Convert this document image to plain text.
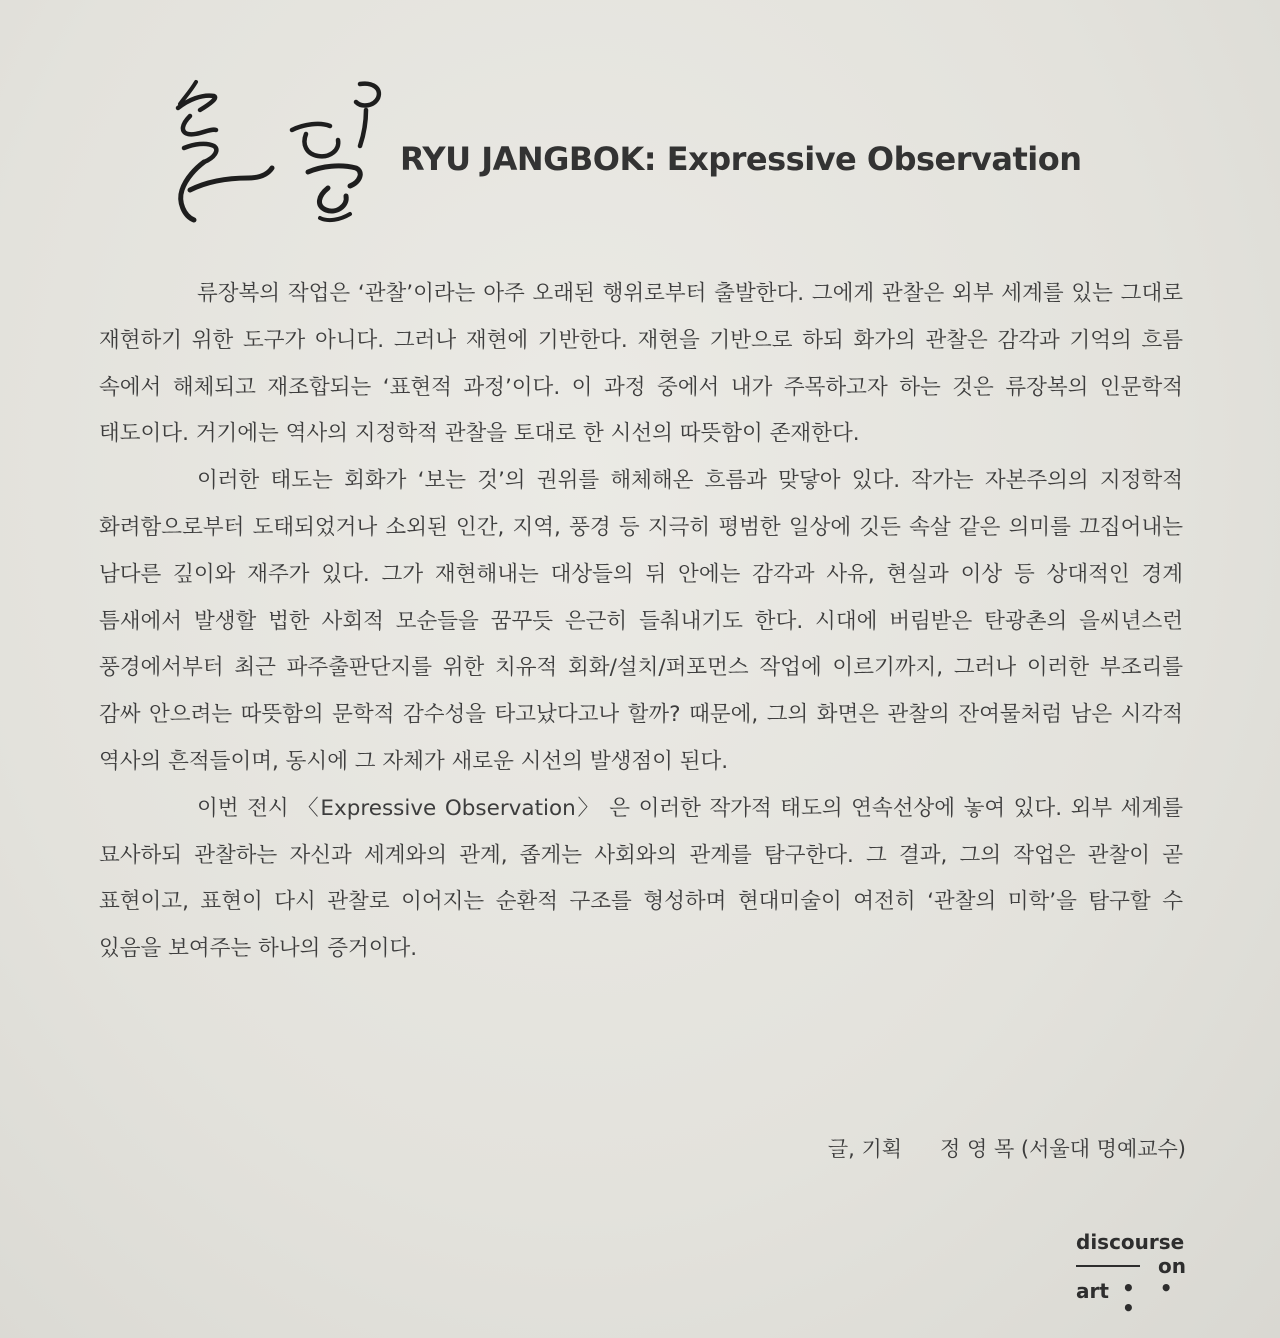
RYU JANGBOK: Expressive Observation

류장복의 작업은 ‘관찰’이라는 아주 오래된 행위로부터 출발한다. 그에게 관찰은 외부 세계를 있는 그대로 재현하기 위한 도구가 아니다. 그러나 재현에 기반한다. 재현을 기반으로 하되 화가의 관찰은 감각과 기억의 흐름 속에서 해체되고 재조합되는 ‘표현적 과정’이다. 이 과정 중에서 내가 주목하고자 하는 것은 류장복의 인문학적 태도이다. 거기에는 역사의 지정학적 관찰을 토대로 한 시선의 따뜻함이 존재한다.

이러한 태도는 회화가 ‘보는 것’의 권위를 해체해온 흐름과 맞닿아 있다. 작가는 자본주의의 지정학적 화려함으로부터 도태되었거나 소외된 인간, 지역, 풍경 등 지극히 평범한 일상에 깃든 속살 같은 의미를 끄집어내는 남다른 깊이와 재주가 있다. 그가 재현해내는 대상들의 뒤 안에는 감각과 사유, 현실과 이상 등 상대적인 경계 틈새에서 발생할 법한 사회적 모순들을 꿈꾸듯 은근히 들춰내기도 한다. 시대에 버림받은 탄광촌의 을씨년스런 풍경에서부터 최근 파주출판단지를 위한 치유적 회화/설치/퍼포먼스 작업에 이르기까지, 그러나 이러한 부조리를 감싸 안으려는 따뜻함의 문학적 감수성을 타고났다고나 할까? 때문에, 그의 화면은 관찰의 잔여물처럼 남은 시각적 역사의 흔적들이며, 동시에 그 자체가 새로운 시선의 발생점이 된다.

이번 전시 〈Expressive Observation〉 은 이러한 작가적 태도의 연속선상에 놓여 있다. 외부 세계를 묘사하되 관찰하는 자신과 세계와의 관계, 좁게는 사회와의 관계를 탐구한다. 그 결과, 그의 작업은 관찰이 곧 표현이고, 표현이 다시 관찰로 이어지는 순환적 구조를 형성하며 현대미술이 여전히 ‘관찰의 미학’을 탐구할 수 있음을 보여주는 하나의 증거이다.

글, 기획 정 영 목 (서울대 명예교수)
discourse
on
art • • •
